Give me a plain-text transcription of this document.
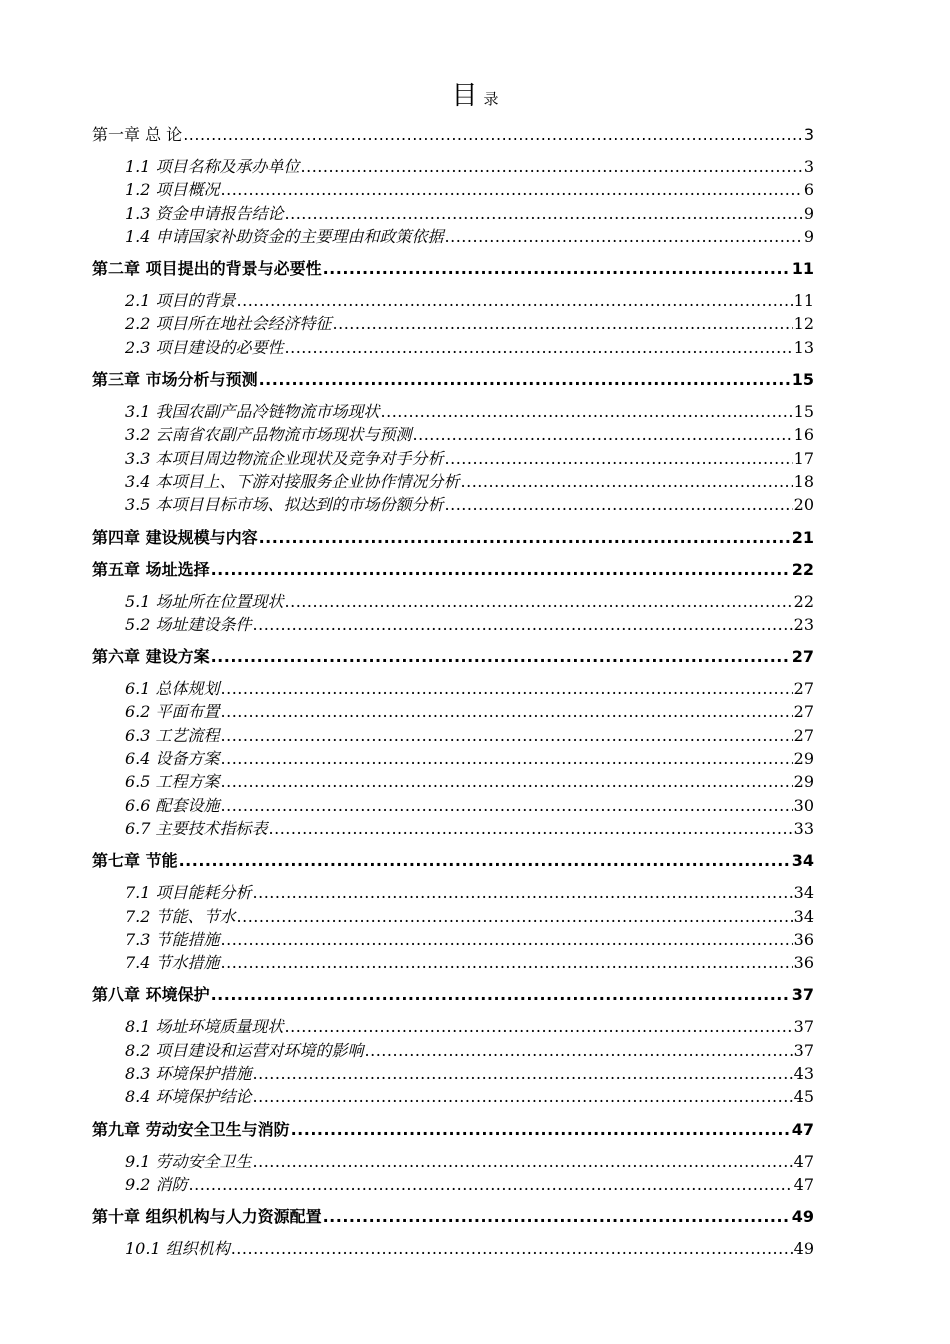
目录
第一章 总 论 .....	3
1.1 项目名称及承办单位 .....	3
1.2 项目概况 .....	6
1.3 资金申请报告结论 .....	9
1.4 申请国家补助资金的主要理由和政策依据 .....	9
第二章 项目提出的背景与必要性 .....	11
2.1 项目的背景 .....	11
2.2 项目所在地社会经济特征 .....	12
2.3 项目建设的必要性 .....	13
第三章 市场分析与预测 .....	15
3.1 我国农副产品冷链物流市场现状 .....	15
3.2 云南省农副产品物流市场现状与预测 .....	16
3.3 本项目周边物流企业现状及竞争对手分析 .....	17
3.4 本项目上、下游对接服务企业协作情况分析 .....	18
3.5 本项目目标市场、拟达到的市场份额分析 .....	20
第四章 建设规模与内容 .....	21
第五章 场址选择 .....	22
5.1 场址所在位置现状 .....	22
5.2 场址建设条件 .....	23
第六章 建设方案 .....	27
6.1 总体规划 .....	27
6.2 平面布置 .....	27
6.3 工艺流程 .....	27
6.4 设备方案 .....	29
6.5 工程方案 .....	29
6.6 配套设施 .....	30
6.7 主要技术指标表 .....	33
第七章 节能 .....	34
7.1 项目能耗分析 .....	34
7.2 节能、节水 .....	34
7.3 节能措施 .....	36
7.4 节水措施 .....	36
第八章 环境保护 .....	37
8.1 场址环境质量现状 .....	37
8.2 项目建设和运营对环境的影响 .....	37
8.3 环境保护措施 .....	43
8.4 环境保护结论 .....	45
第九章 劳动安全卫生与消防 .....	47
9.1 劳动安全卫生 .....	47
9.2 消防 .....	47
第十章 组织机构与人力资源配置 .....	49
10.1 组织机构 .....	49
